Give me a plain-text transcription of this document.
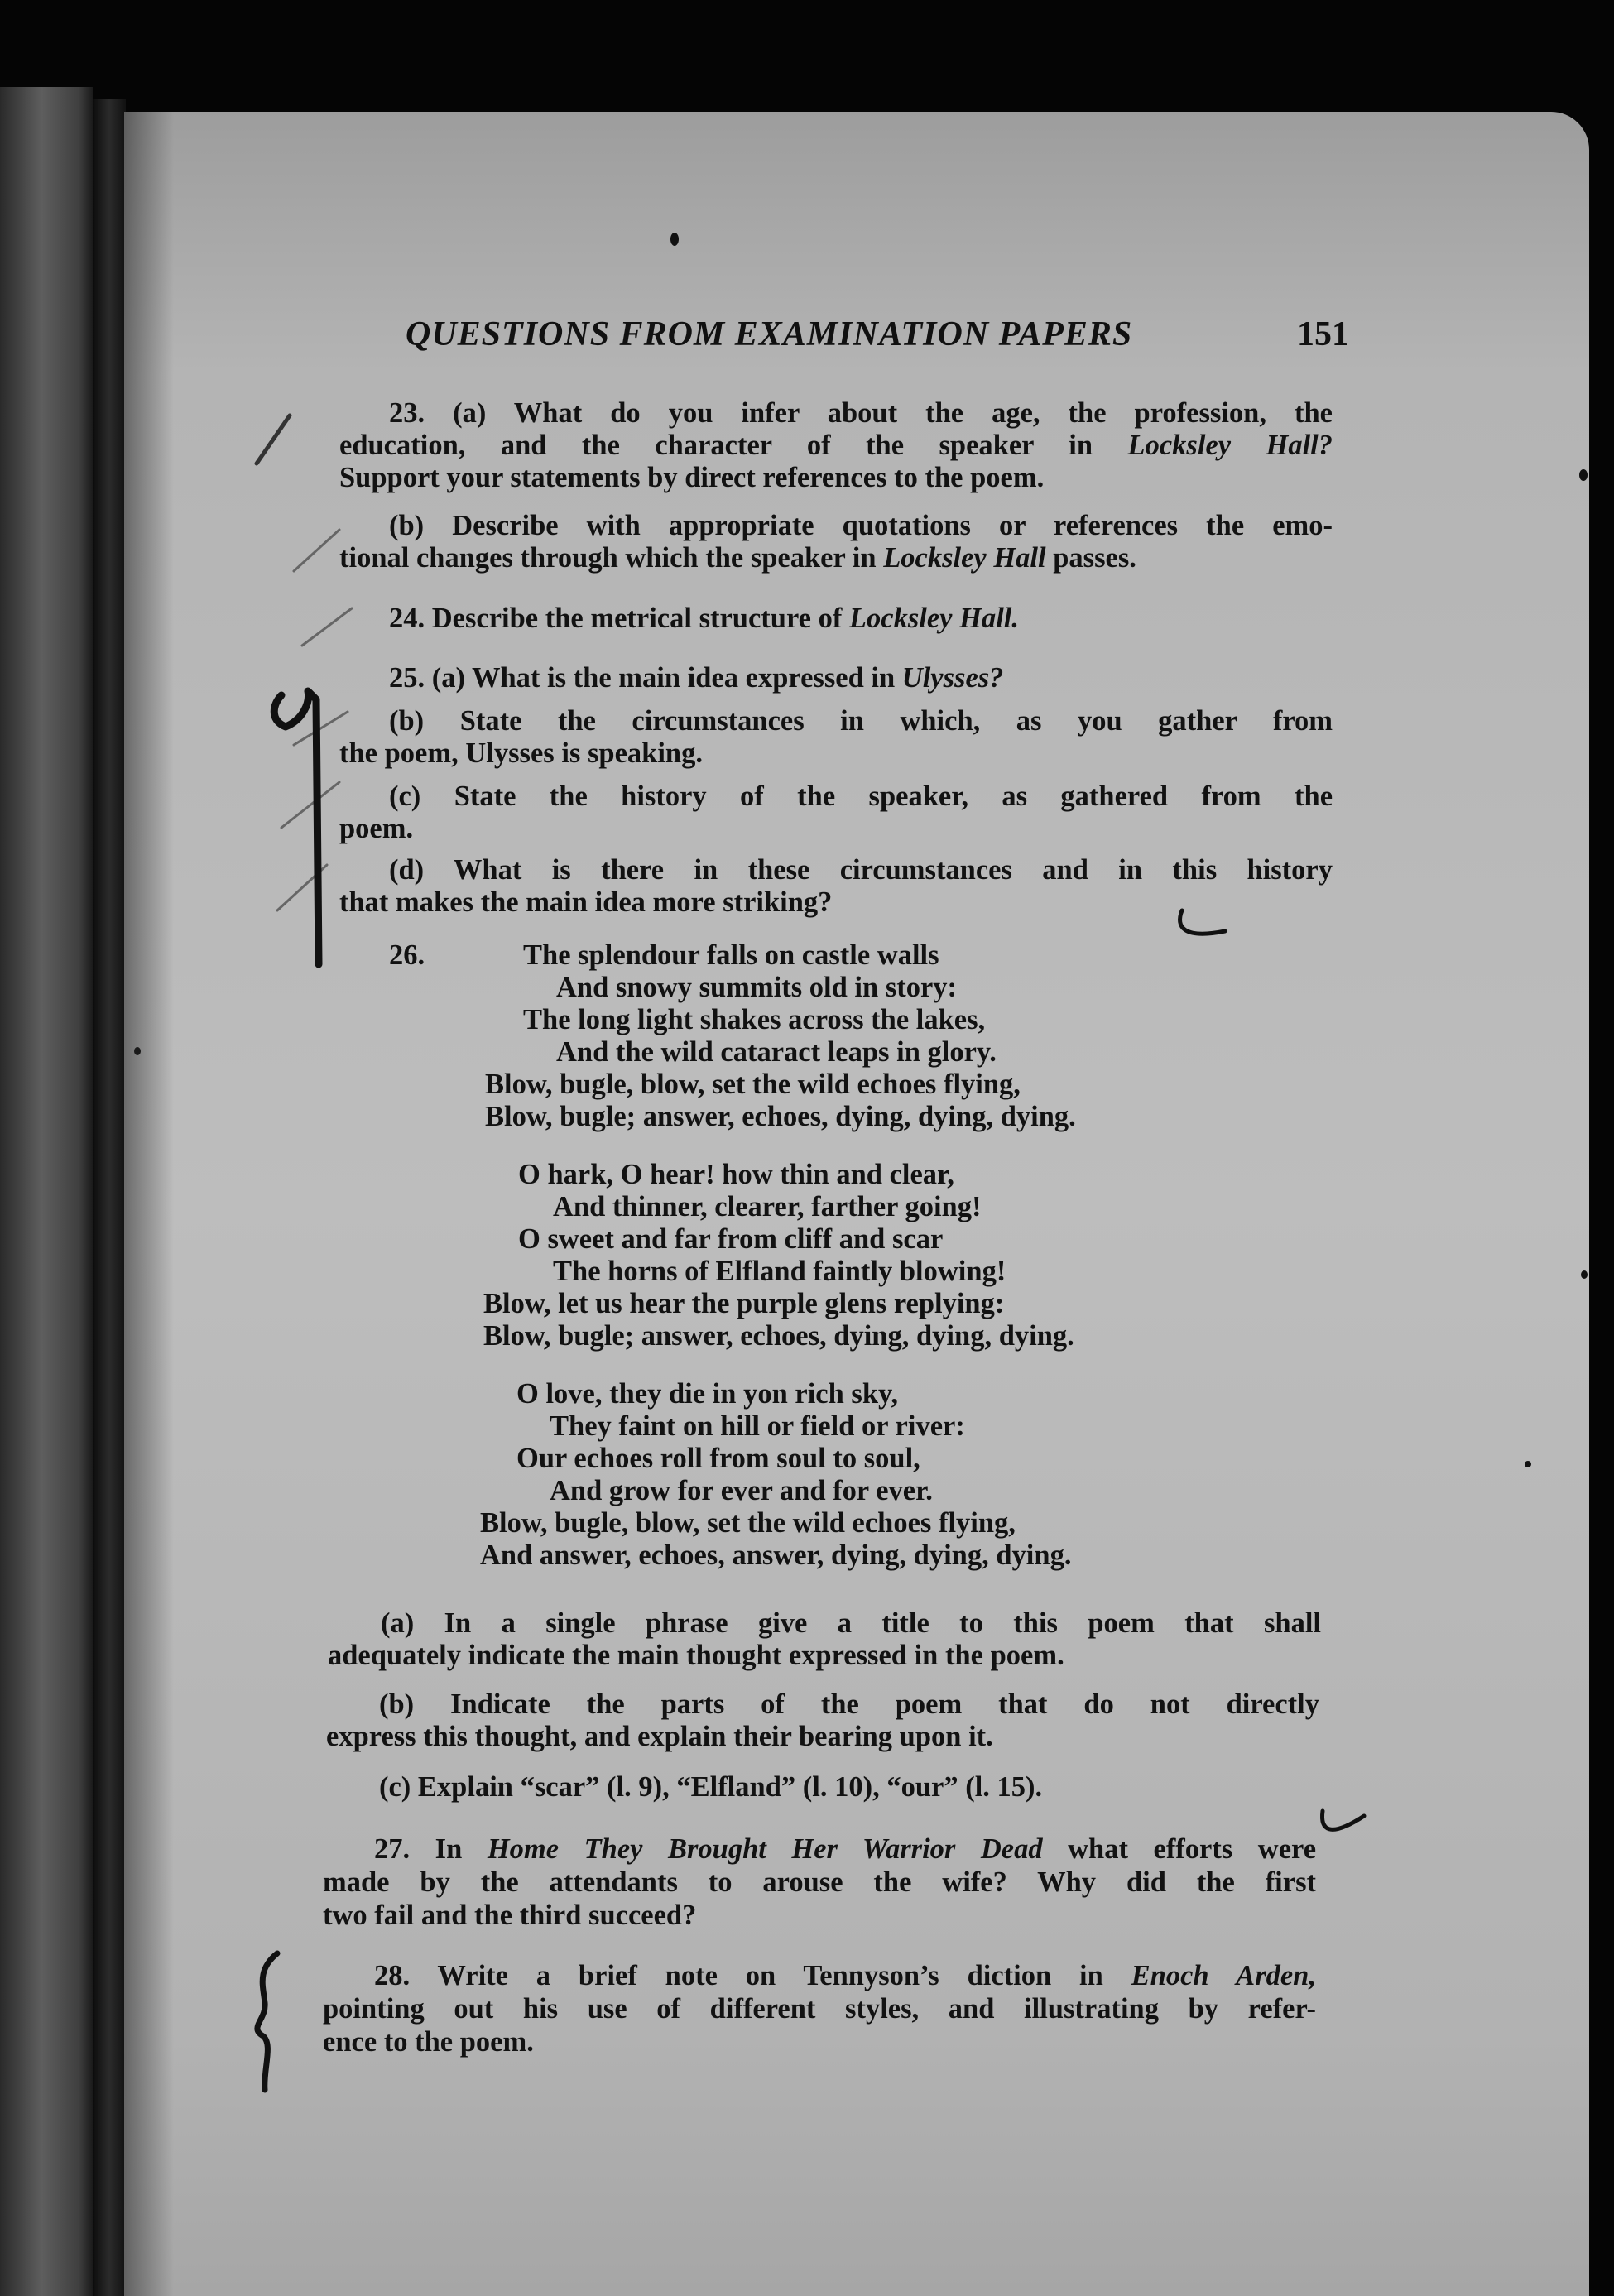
QUESTIONS FROM EXAMINATION PAPERS	151
23. (a) What do you infer about the age, the profession, the
education, and the character of the speaker in Locksley Hall?
Support your statements by direct references to the poem.
(b) Describe with appropriate quotations or references the emo-
tional changes through which the speaker in Locksley Hall passes.
24. Describe the metrical structure of Locksley Hall.
25. (a) What is the main idea expressed in Ulysses?
(b) State the circumstances in which, as you gather from
the poem, Ulysses is speaking.
(c) State the history of the speaker, as gathered from the
poem.
(d) What is there in these circumstances and in this history
that makes the main idea more striking?
26.	The splendour falls on castle walls
And snowy summits old in story:
The long light shakes across the lakes,
And the wild cataract leaps in glory.
Blow, bugle, blow, set the wild echoes flying,
Blow, bugle; answer, echoes, dying, dying, dying.
O hark, O hear! how thin and clear,
And thinner, clearer, farther going!
O sweet and far from cliff and scar
The horns of Elfland faintly blowing!
Blow, let us hear the purple glens replying:
Blow, bugle; answer, echoes, dying, dying, dying.
O love, they die in yon rich sky,
They faint on hill or field or river:
Our echoes roll from soul to soul,
And grow for ever and for ever.
Blow, bugle, blow, set the wild echoes flying,
And answer, echoes, answer, dying, dying, dying.
(a) In a single phrase give a title to this poem that shall
adequately indicate the main thought expressed in the poem.
(b) Indicate the parts of the poem that do not directly
express this thought, and explain their bearing upon it.
(c) Explain “scar” (l. 9), “Elfland” (l. 10), “our” (l. 15).
27. In Home They Brought Her Warrior Dead what efforts were
made by the attendants to arouse the wife? Why did the first
two fail and the third succeed?
28. Write a brief note on Tennyson’s diction in Enoch Arden,
pointing out his use of different styles, and illustrating by refer-
ence to the poem.
